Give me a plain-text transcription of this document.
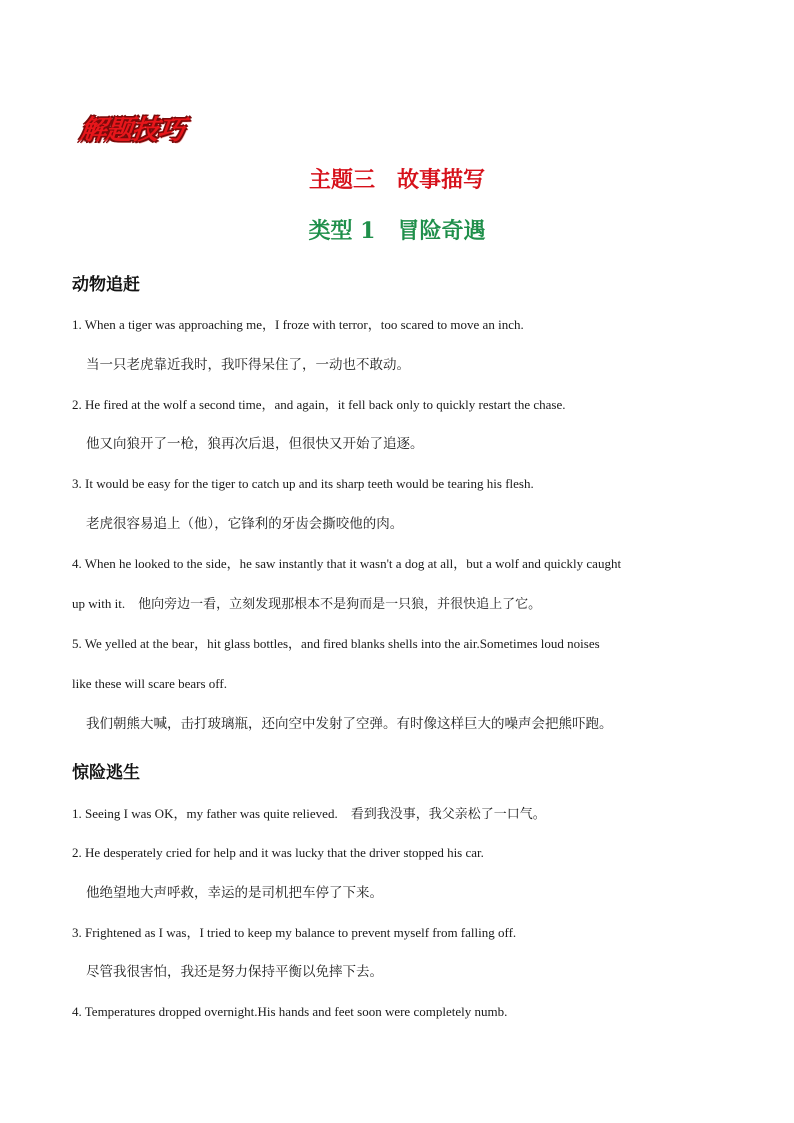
解题技巧
主题三　故事描写
类型 1　冒险奇遇
动物追赶
1. When a tiger was approaching me，I froze with terror，too scared to move an inch.
当一只老虎靠近我时，我吓得呆住了，一动也不敢动。
2. He fired at the wolf a second time，and again，it fell back only to quickly restart the chase.
他又向狼开了一枪，狼再次后退，但很快又开始了追逐。
3. It would be easy for the tiger to catch up and its sharp teeth would be tearing his flesh.
老虎很容易追上（他），它锋利的牙齿会撕咬他的肉。
4. When he looked to the side，he saw instantly that it wasn't a dog at all，but a wolf and quickly caught
up with it.　他向旁边一看，立刻发现那根本不是狗而是一只狼，并很快追上了它。
5. We yelled at the bear，hit glass bottles，and fired blanks shells into the air.Sometimes loud noises
like these will scare bears off.
我们朝熊大喊，击打玻璃瓶，还向空中发射了空弹。有时像这样巨大的噪声会把熊吓跑。
惊险逃生
1. Seeing I was OK，my father was quite relieved.　看到我没事，我父亲松了一口气。
2. He desperately cried for help and it was lucky that the driver stopped his car.
他绝望地大声呼救，幸运的是司机把车停了下来。
3. Frightened as I was，I tried to keep my balance to prevent myself from falling off.
尽管我很害怕，我还是努力保持平衡以免摔下去。
4. Temperatures dropped overnight.His hands and feet soon were completely numb.
